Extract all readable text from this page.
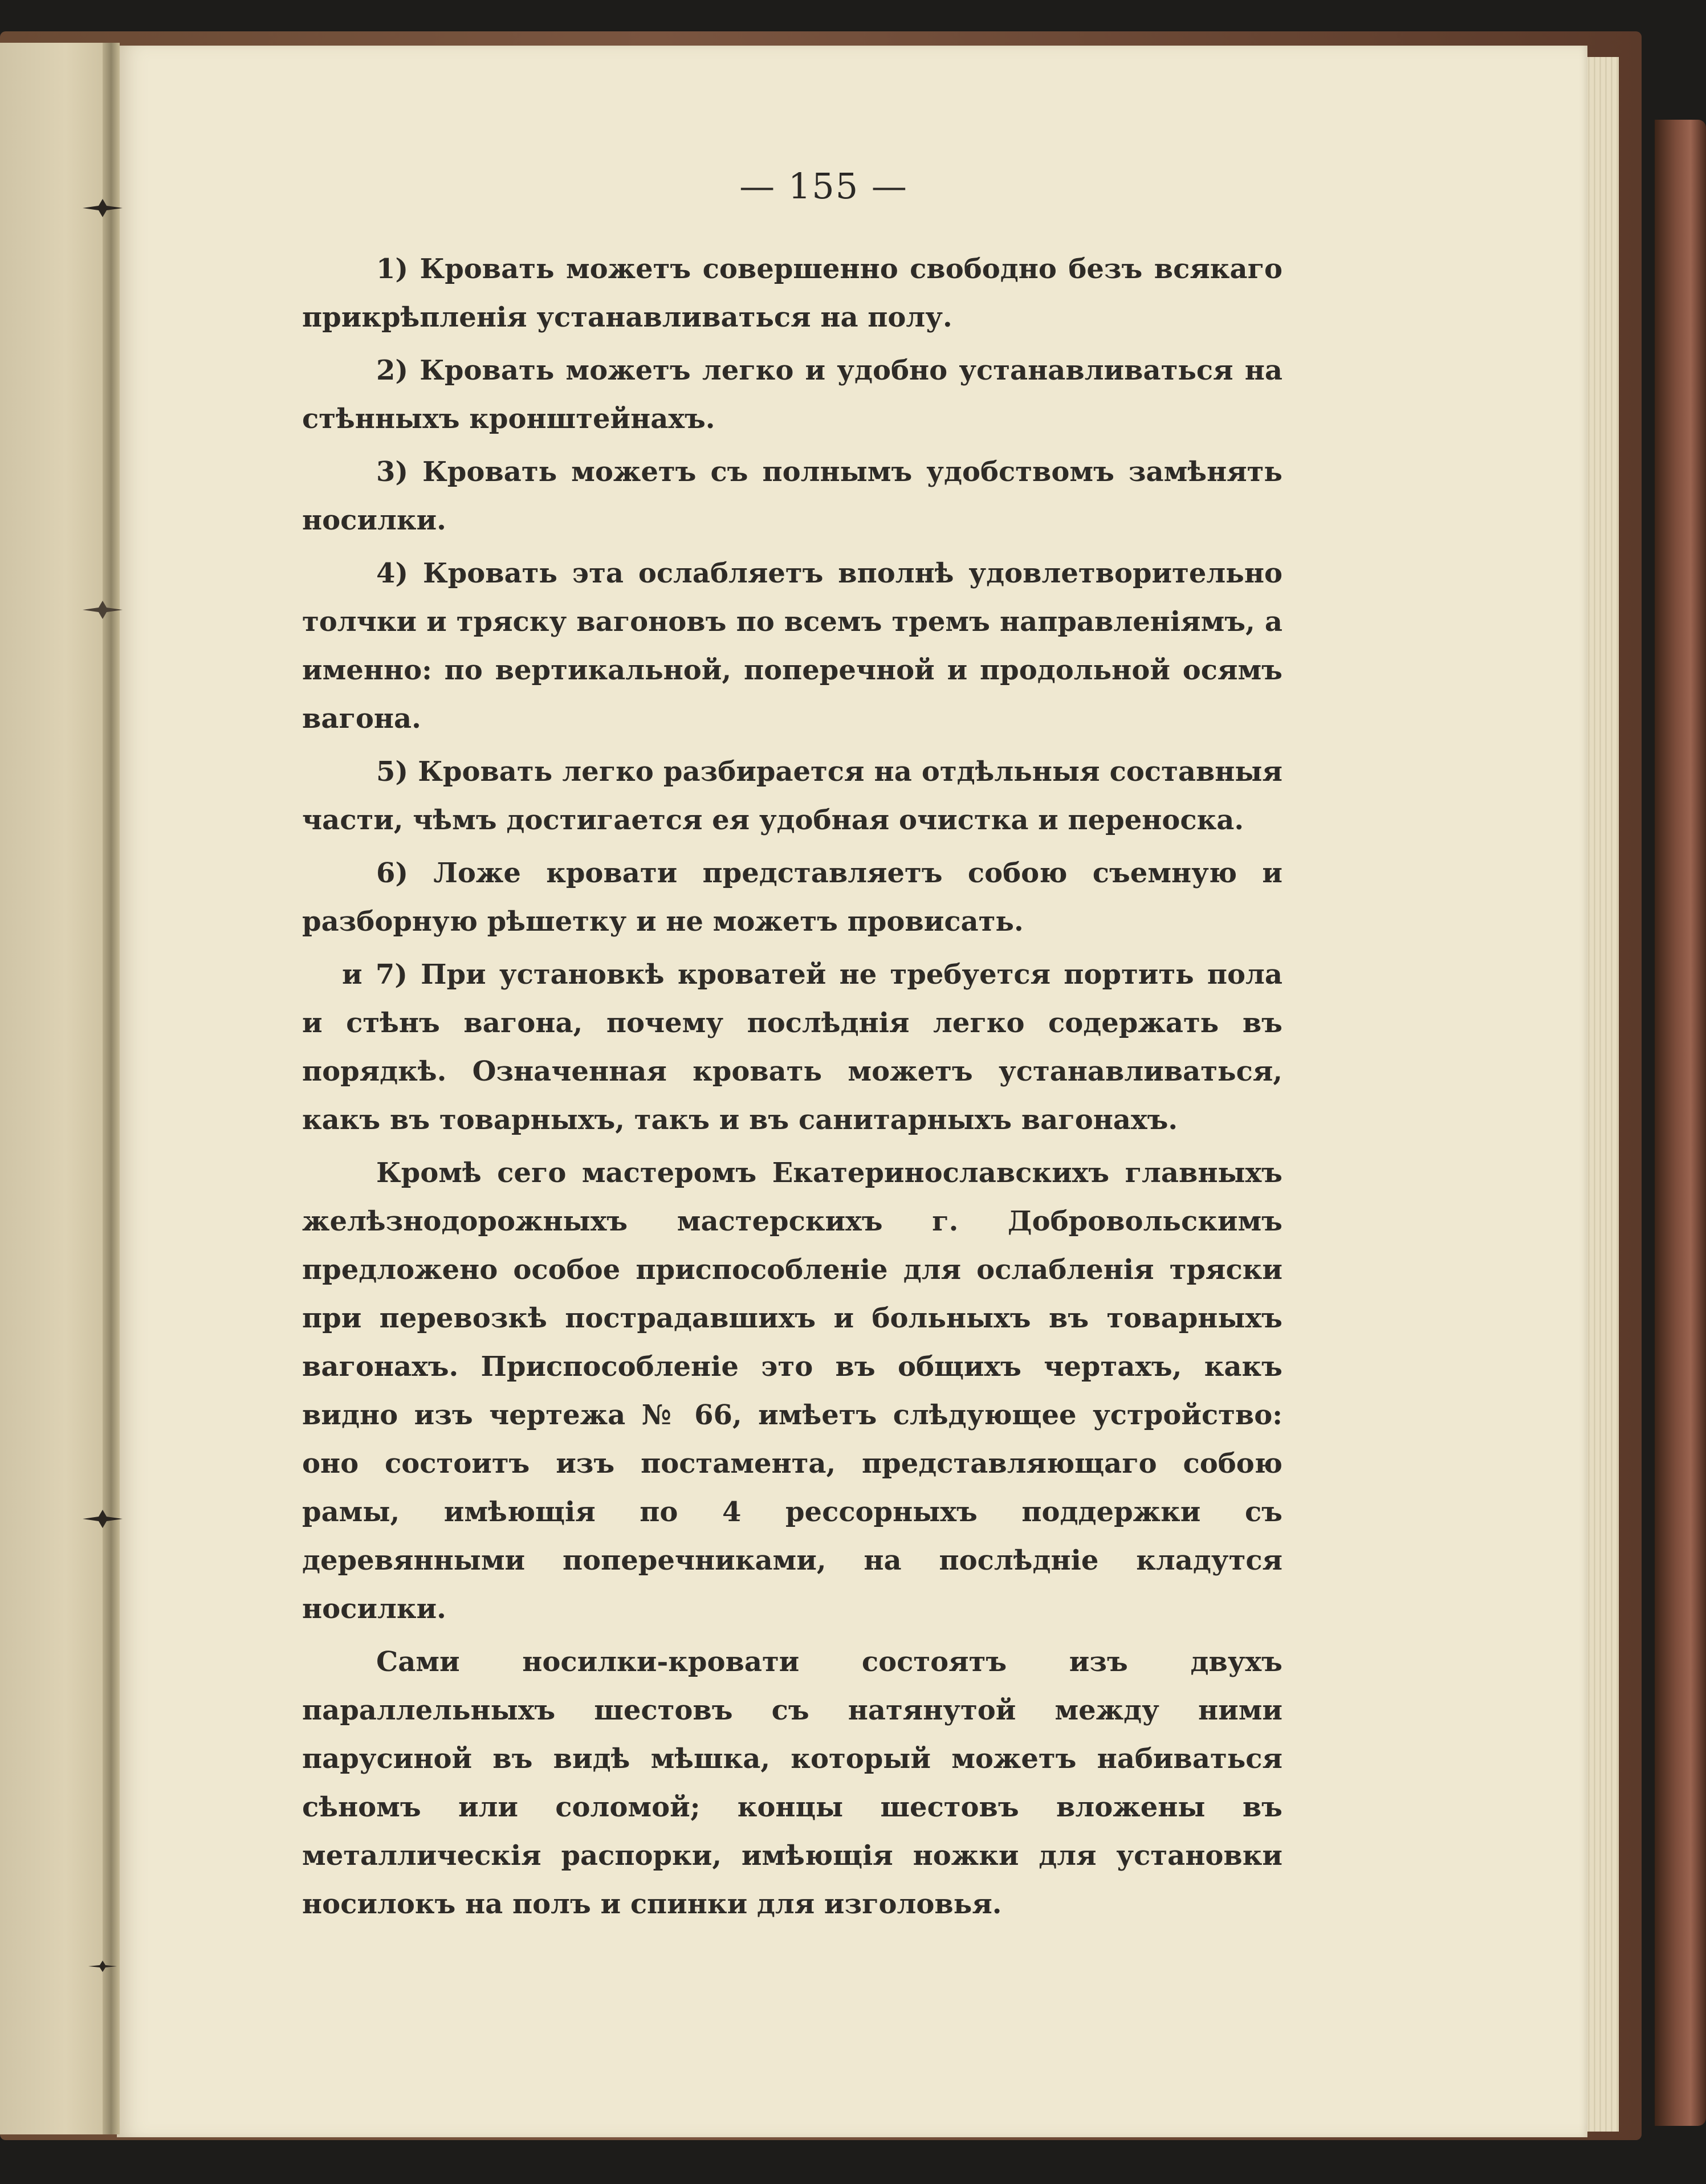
— 155 —

1) Кровать можетъ совершенно свободно безъ всякаго прикрѣпленія устанавливаться на полу.

2) Кровать можетъ легко и удобно устанавливаться на стѣнныхъ кронштейнахъ.

3) Кровать можетъ съ полнымъ удобствомъ замѣнять носилки.

4) Кровать эта ослабляетъ вполнѣ удовлетворительно толчки и тряску вагоновъ по всемъ тремъ направленіямъ, а именно: по вертикальной, поперечной и продольной осямъ вагона.

5) Кровать легко разбирается на отдѣльныя составныя части, чѣмъ достигается ея удобная очистка и переноска.

6) Ложе кровати представляетъ собою съемную и разборную рѣшетку и не можетъ провисать.

и 7) При установкѣ кроватей не требуется портить пола и стѣнъ вагона, почему послѣднія легко содержать въ порядкѣ. Означенная кровать можетъ устанавливаться, какъ въ товарныхъ, такъ и въ санитарныхъ вагонахъ.

Кромѣ сего мастеромъ Екатеринославскихъ главныхъ желѣзнодорожныхъ мастерскихъ г. Добровольскимъ предложено особое приспособленіе для ослабленія тряски при перевозкѣ пострадавшихъ и больныхъ въ товарныхъ вагонахъ. Приспособленіе это въ общихъ чертахъ, какъ видно изъ чертежа № 66, имѣетъ слѣдующее устройство: оно состоитъ изъ постамента, представляющаго собою рамы, имѣющія по 4 рессорныхъ поддержки съ деревянными поперечниками, на послѣдніе кладутся носилки.

Сами носилки-кровати состоятъ изъ двухъ параллельныхъ шестовъ съ натянутой между ними парусиной въ видѣ мѣшка, который можетъ набиваться сѣномъ или соломой; концы шестовъ вложены въ металлическія распорки, имѣющія ножки для установки носилокъ на полъ и спинки для изголовья.
